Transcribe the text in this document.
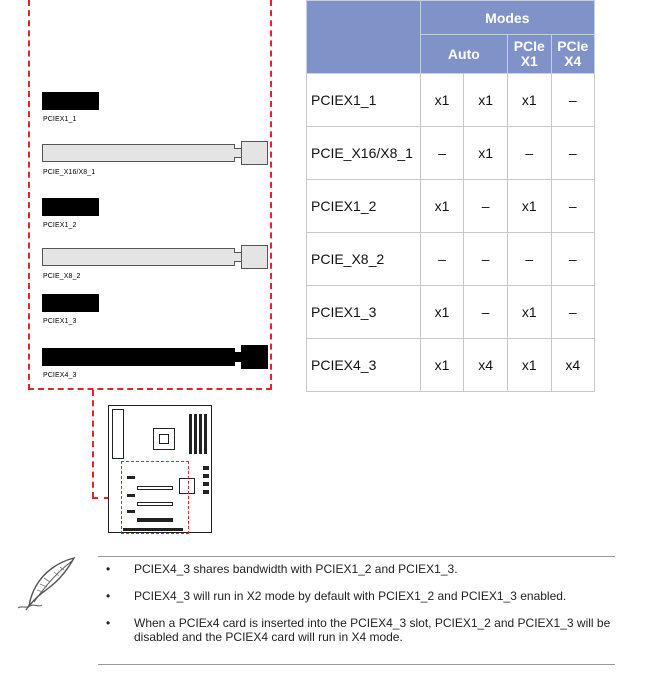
PCIEX1_1
PCIE_X16/X8_1
PCIEX1_2
PCIE_X8_2
PCIEX1_3
PCIEX4_3
	Modes			
	Auto		PCIe X1	PCIe X4
PCIEX1_1	x1	x1	x1	–
PCIE_X16/X8_1	–	x1	–	–
PCIEX1_2	x1	–	x1	–
PCIE_X8_2	–	–	–	–
PCIEX1_3	x1	–	x1	–
PCIEX4_3	x1	x4	x1	x4
• PCIEX4_3 shares bandwidth with PCIEX1_2 and PCIEX1_3.
• PCIEX4_3 will run in X2 mode by default with PCIEX1_2 and PCIEX1_3 enabled.
• When a PCIEx4 card is inserted into the PCIEX4_3 slot, PCIEX1_2 and PCIEX1_3 will be disabled and the PCIEX4 card will run in X4 mode.
